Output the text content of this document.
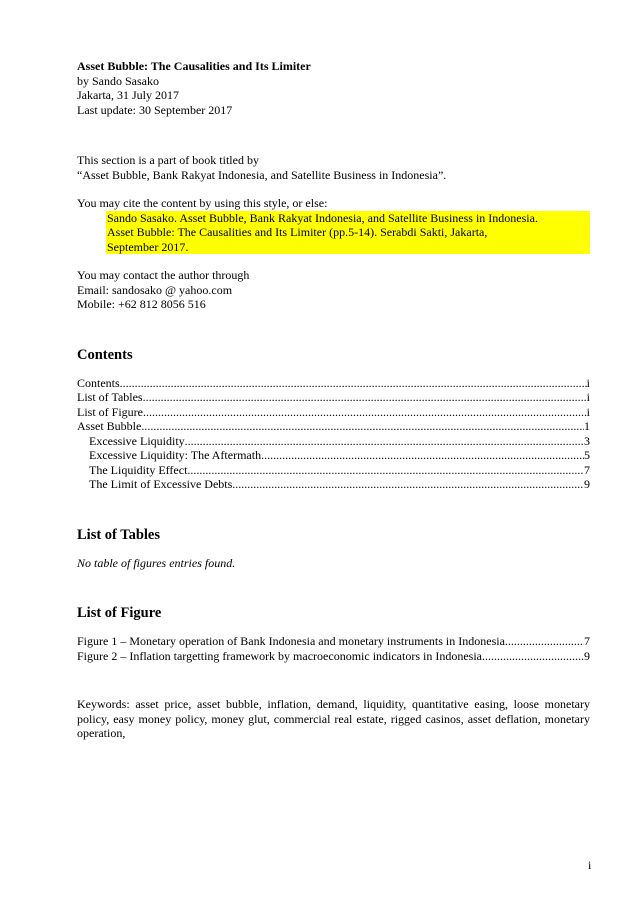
Asset Bubble: The Causalities and Its Limiter
by Sando Sasako
Jakarta, 31 July 2017
Last update: 30 September 2017
This section is a part of book titled by
“Asset Bubble, Bank Rakyat Indonesia, and Satellite Business in Indonesia”.
You may cite the content by using this style, or else:
Sando Sasako. Asset Bubble, Bank Rakyat Indonesia, and Satellite Business in Indonesia.
Asset Bubble: The Causalities and Its Limiter (pp.5-14). Serabdi Sakti, Jakarta,
September 2017.
You may contact the author through
Email: sandosako @ yahoo.com
Mobile: +62 812 8056 516
Contents
Contents .....	i
List of Tables .....	i
List of Figure .....	i
Asset Bubble .....	1
Excessive Liquidity .....	3
Excessive Liquidity: The Aftermath .....	5
The Liquidity Effect .....	7
The Limit of Excessive Debts .....	9
List of Tables
No table of figures entries found.
List of Figure
Figure 1 – Monetary operation of Bank Indonesia and monetary instruments in Indonesia .....	7
Figure 2 – Inflation targetting framework by macroeconomic indicators in Indonesia .....	9
Keywords: asset price, asset bubble, inflation, demand, liquidity, quantitative easing, loose monetary policy, easy money policy, money glut, commercial real estate, rigged casinos, asset deflation, monetary operation,
i
